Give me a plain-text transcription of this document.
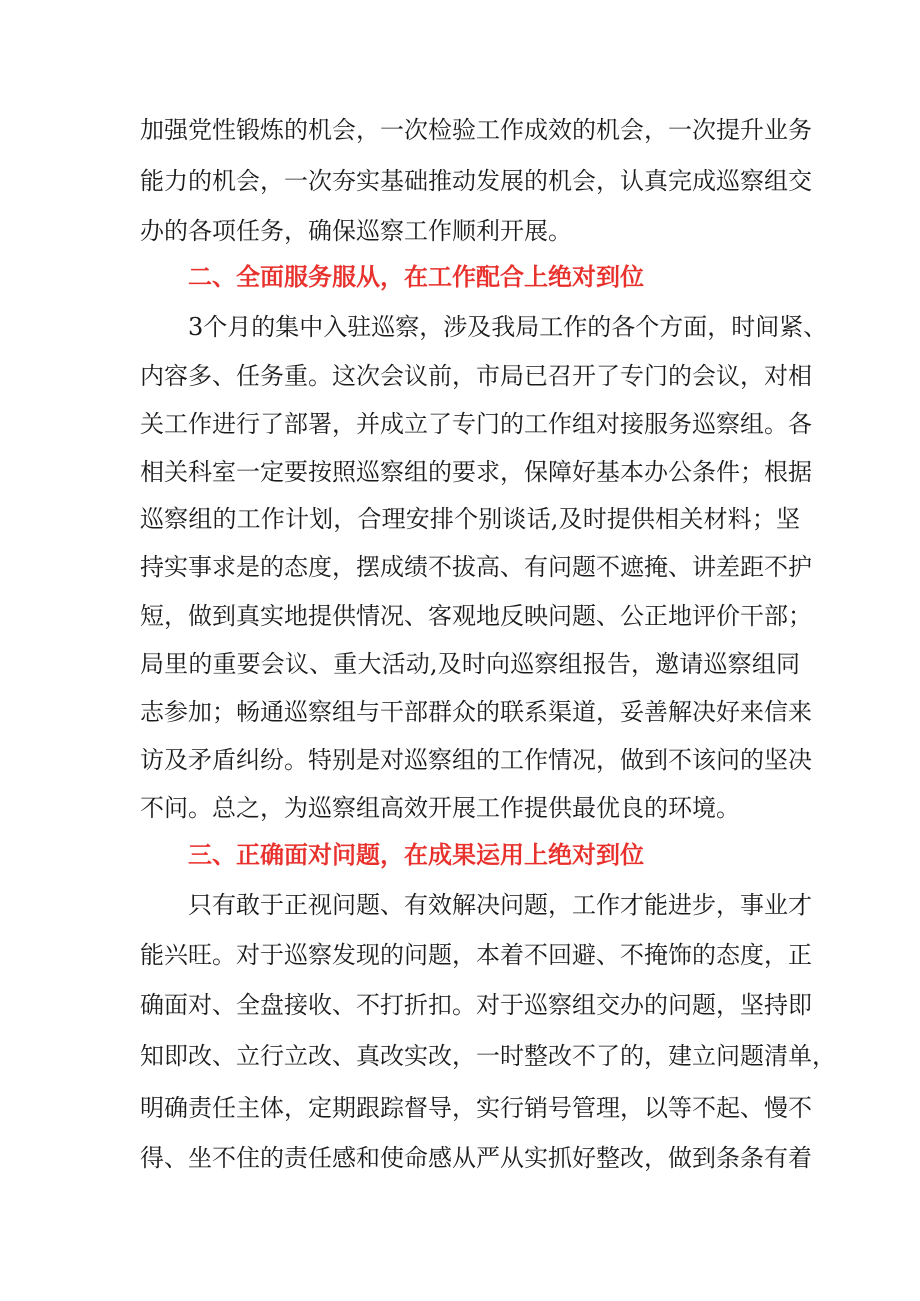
加强党性锻炼的机会，一次检验工作成效的机会，一次提升业务
能力的机会，一次夯实基础推动发展的机会，认真完成巡察组交
办的各项任务，确保巡察工作顺利开展。
二、全面服务服从，在工作配合上绝对到位
3个月的集中入驻巡察，涉及我局工作的各个方面，时间紧、
内容多、任务重。这次会议前，市局已召开了专门的会议，对相
关工作进行了部署，并成立了专门的工作组对接服务巡察组。各
相关科室一定要按照巡察组的要求，保障好基本办公条件；根据
巡察组的工作计划，合理安排个别谈话,及时提供相关材料；坚
持实事求是的态度，摆成绩不拔高、有问题不遮掩、讲差距不护
短，做到真实地提供情况、客观地反映问题、公正地评价干部；
局里的重要会议、重大活动,及时向巡察组报告，邀请巡察组同
志参加；畅通巡察组与干部群众的联系渠道，妥善解决好来信来
访及矛盾纠纷。特别是对巡察组的工作情况，做到不该问的坚决
不问。总之，为巡察组高效开展工作提供最优良的环境。
三、正确面对问题，在成果运用上绝对到位
只有敢于正视问题、有效解决问题，工作才能进步，事业才
能兴旺。对于巡察发现的问题，本着不回避、不掩饰的态度，正
确面对、全盘接收、不打折扣。对于巡察组交办的问题，坚持即
知即改、立行立改、真改实改，一时整改不了的，建立问题清单，
明确责任主体，定期跟踪督导，实行销号管理，以等不起、慢不
得、坐不住的责任感和使命感从严从实抓好整改，做到条条有着
